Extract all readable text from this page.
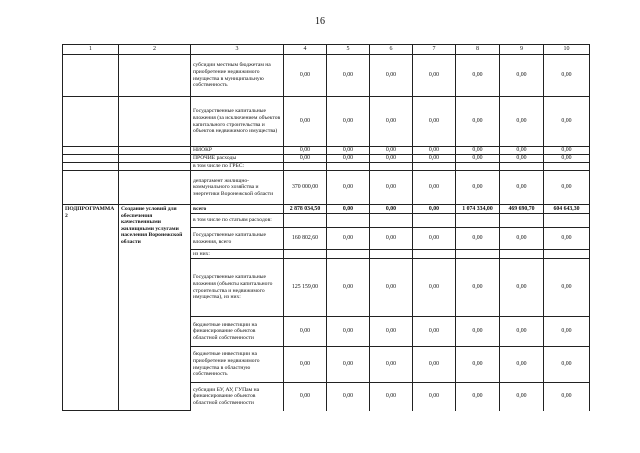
16
1	2	3	4	5	6	7	8	9	10
		субсидии местным бюджетам на приобретение недвижимого имущества в муниципальную собственность	0,00	0,00	0,00	0,00	0,00	0,00	0,00
		Государственные капитальные вложения (за исключением объектов капитального строительства и объектов недвижимого имущества)	0,00	0,00	0,00	0,00	0,00	0,00	0,00
		НИОКР	0,00	0,00	0,00	0,00	0,00	0,00	0,00
		ПРОЧИЕ расходы	0,00	0,00	0,00	0,00	0,00	0,00	0,00
		в том числе по ГРБС:							
		департамент жилищно-коммунального хозяйства и энергетики Воронежской области	370 000,00	0,00	0,00	0,00	0,00	0,00	0,00
ПОДПРОГРАММА 2	Создание условий для обеспечения качественными жилищными услугами населения Воронежской области	всего	2 878 034,50	0,00	0,00	0,00	1 074 334,00	469 690,70	604 643,30
		в том числе по статьям расходов:							
		Государственные капитальные вложения, всего	160 802,60	0,00	0,00	0,00	0,00	0,00	0,00
		из них:							
		Государственные капитальные вложения (объекты капитального строительства и недвижимого имущества), из них:	125 159,00	0,00	0,00	0,00	0,00	0,00	0,00
		бюджетные инвестиции на финансирование объектов областной собственности	0,00	0,00	0,00	0,00	0,00	0,00	0,00
		бюджетные инвестиции на приобретение недвижимого имущества в областную собственность	0,00	0,00	0,00	0,00	0,00	0,00	0,00
		субсидии БУ, АУ, ГУПам на финансирование объектов областной собственности	0,00	0,00	0,00	0,00	0,00	0,00	0,00
